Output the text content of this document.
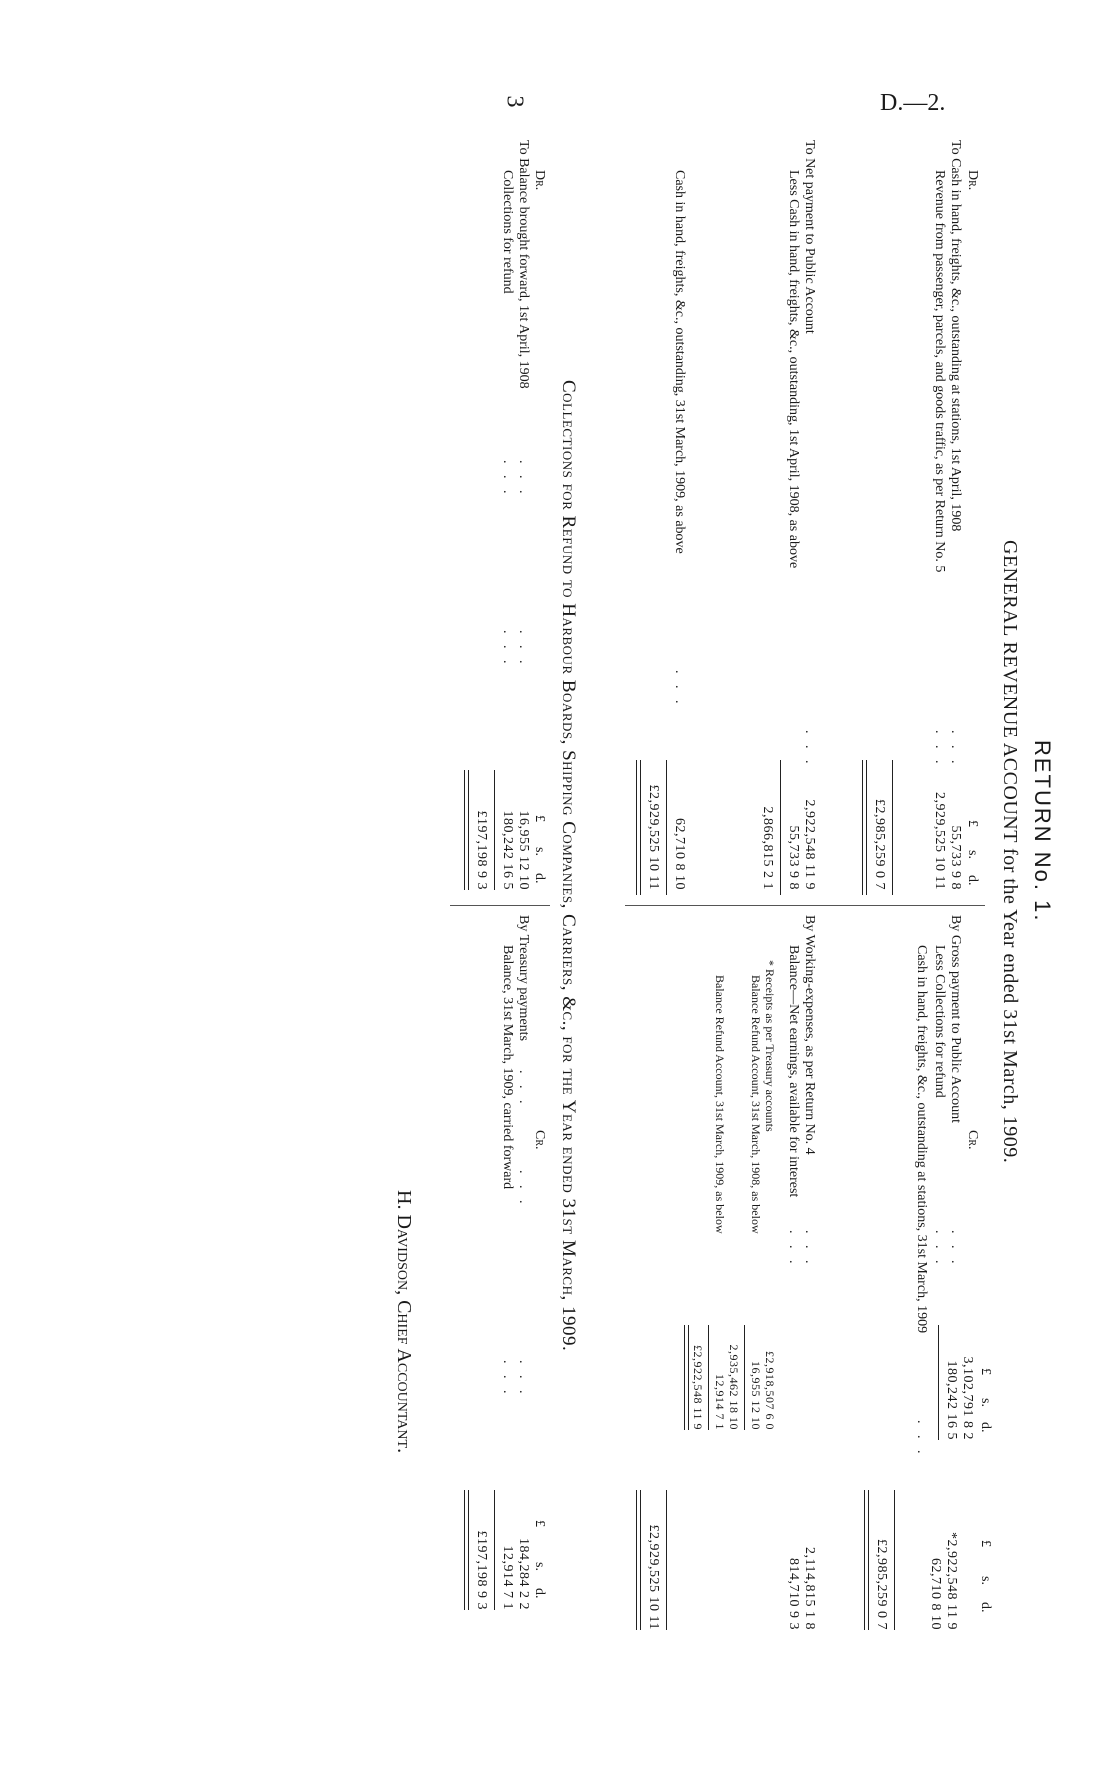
3	D.—2.
RETURN No. 1.
GENERAL REVENUE ACCOUNT for the Year ended 31st March, 1909.
Dr.
£
s.
d.
To Cash in hand, freights, &c., outstanding at stations, 1st April, 1908
. . .
55,733 9 8
Revenue from passenger, parcels, and goods traffic, as per Return No. 5
. . .
2,929,525 10 11
£2,985,259 0 7
To Net payment to Public Account
. . .
2,922,548 11 9
Less Cash in hand, freights, &c., outstanding, 1st April, 1908, as above
55,733 9 8
2,866,815 2 1
Cash in hand, freights, &c., outstanding, 31st March, 1909, as above
. . .
62,710 8 10
£2,929,525 10 11
Cr.
£
s.
d.
£
s.
d.
By Gross payment to Public Account
. . .
3,102,791 8 2
Less Collections for refund
. . .
180,242 16 5
*2,922,548 11 9
Cash in hand, freights, &c., outstanding at stations, 31st March, 1909
. . .
62,710 8 10
£2,985,259 0 7
By Working-expenses, as per Return No. 4
. . .
2,114,815 1 8
Balance—Net earnings, available for interest
. . .
814,710 9 3
* Receipts as per Treasury accounts
£2,918,507 6 0
Balance Refund Account, 31st March, 1908, as below
16,955 12 10
2,935,462 18 10
Balance Refund Account, 31st March, 1909, as below
12,914 7 1
£2,922,548 11 9
£2,929,525 10 11
Collections for Refund to Harbour Boards, Shipping Companies, Carriers, &c., for the Year ended 31st March, 1909.
Dr.
£
s.
d.
To Balance brought forward, 1st April, 1908
. . .
. . .
16,955 12 10
Collections for refund
. . .
. . .
180,242 16 5
£197,198 9 3
Cr.
£
s.
d.
By Treasury payments
. . .
. . .
. . .
184,284 2 2
Balance, 31st March, 1909, carried forward
. . .
12,914 7 1
£197,198 9 3
H. Davidson, Chief Accountant.
